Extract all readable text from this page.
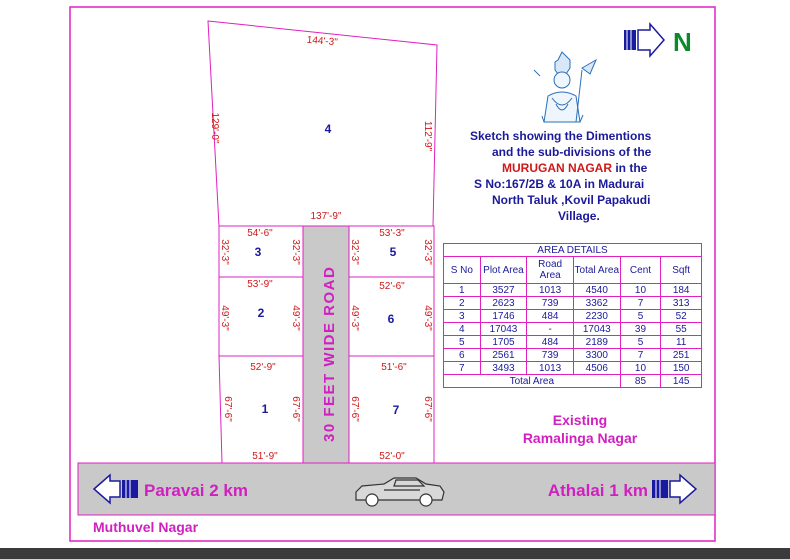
30 FEET WIDE ROAD
144'-3"
129'-0"	112'-9"
137'-9"
54'-6"
32'-3"	32'-3"
53'-9"
49'-3"	49'-3"
52'-9"
67'-6"	67'-6"
51'-9"
53'-3"
32'-3"	32'-3"
52'-6"
49'-3"	49'-3"
51'-6"
67'-6"	67'-6"
52'-0"
4
3
2
1
5
6
7
N
Existing
Ramalinga Nagar
Paravai 2 km	Athalai 1 km
Muthuvel Nagar
Sketch showing the Dimentions
and the sub-divisions of the
MURUGAN NAGAR in the
S No:167/2B & 10A in Madurai
North Taluk ,Kovil Papakudi
Village.
AREA DETAILS					
S No	Plot Area	Road Area	Total Area	Cent	Sqft
1	3527	1013	4540	10	184
2	2623	739	3362	7	313
3	1746	484	2230	5	52
4	17043	-	17043	39	55
5	1705	484	2189	5	11
6	2561	739	3300	7	251
7	3493	1013	4506	10	150
Total Area				85	145
